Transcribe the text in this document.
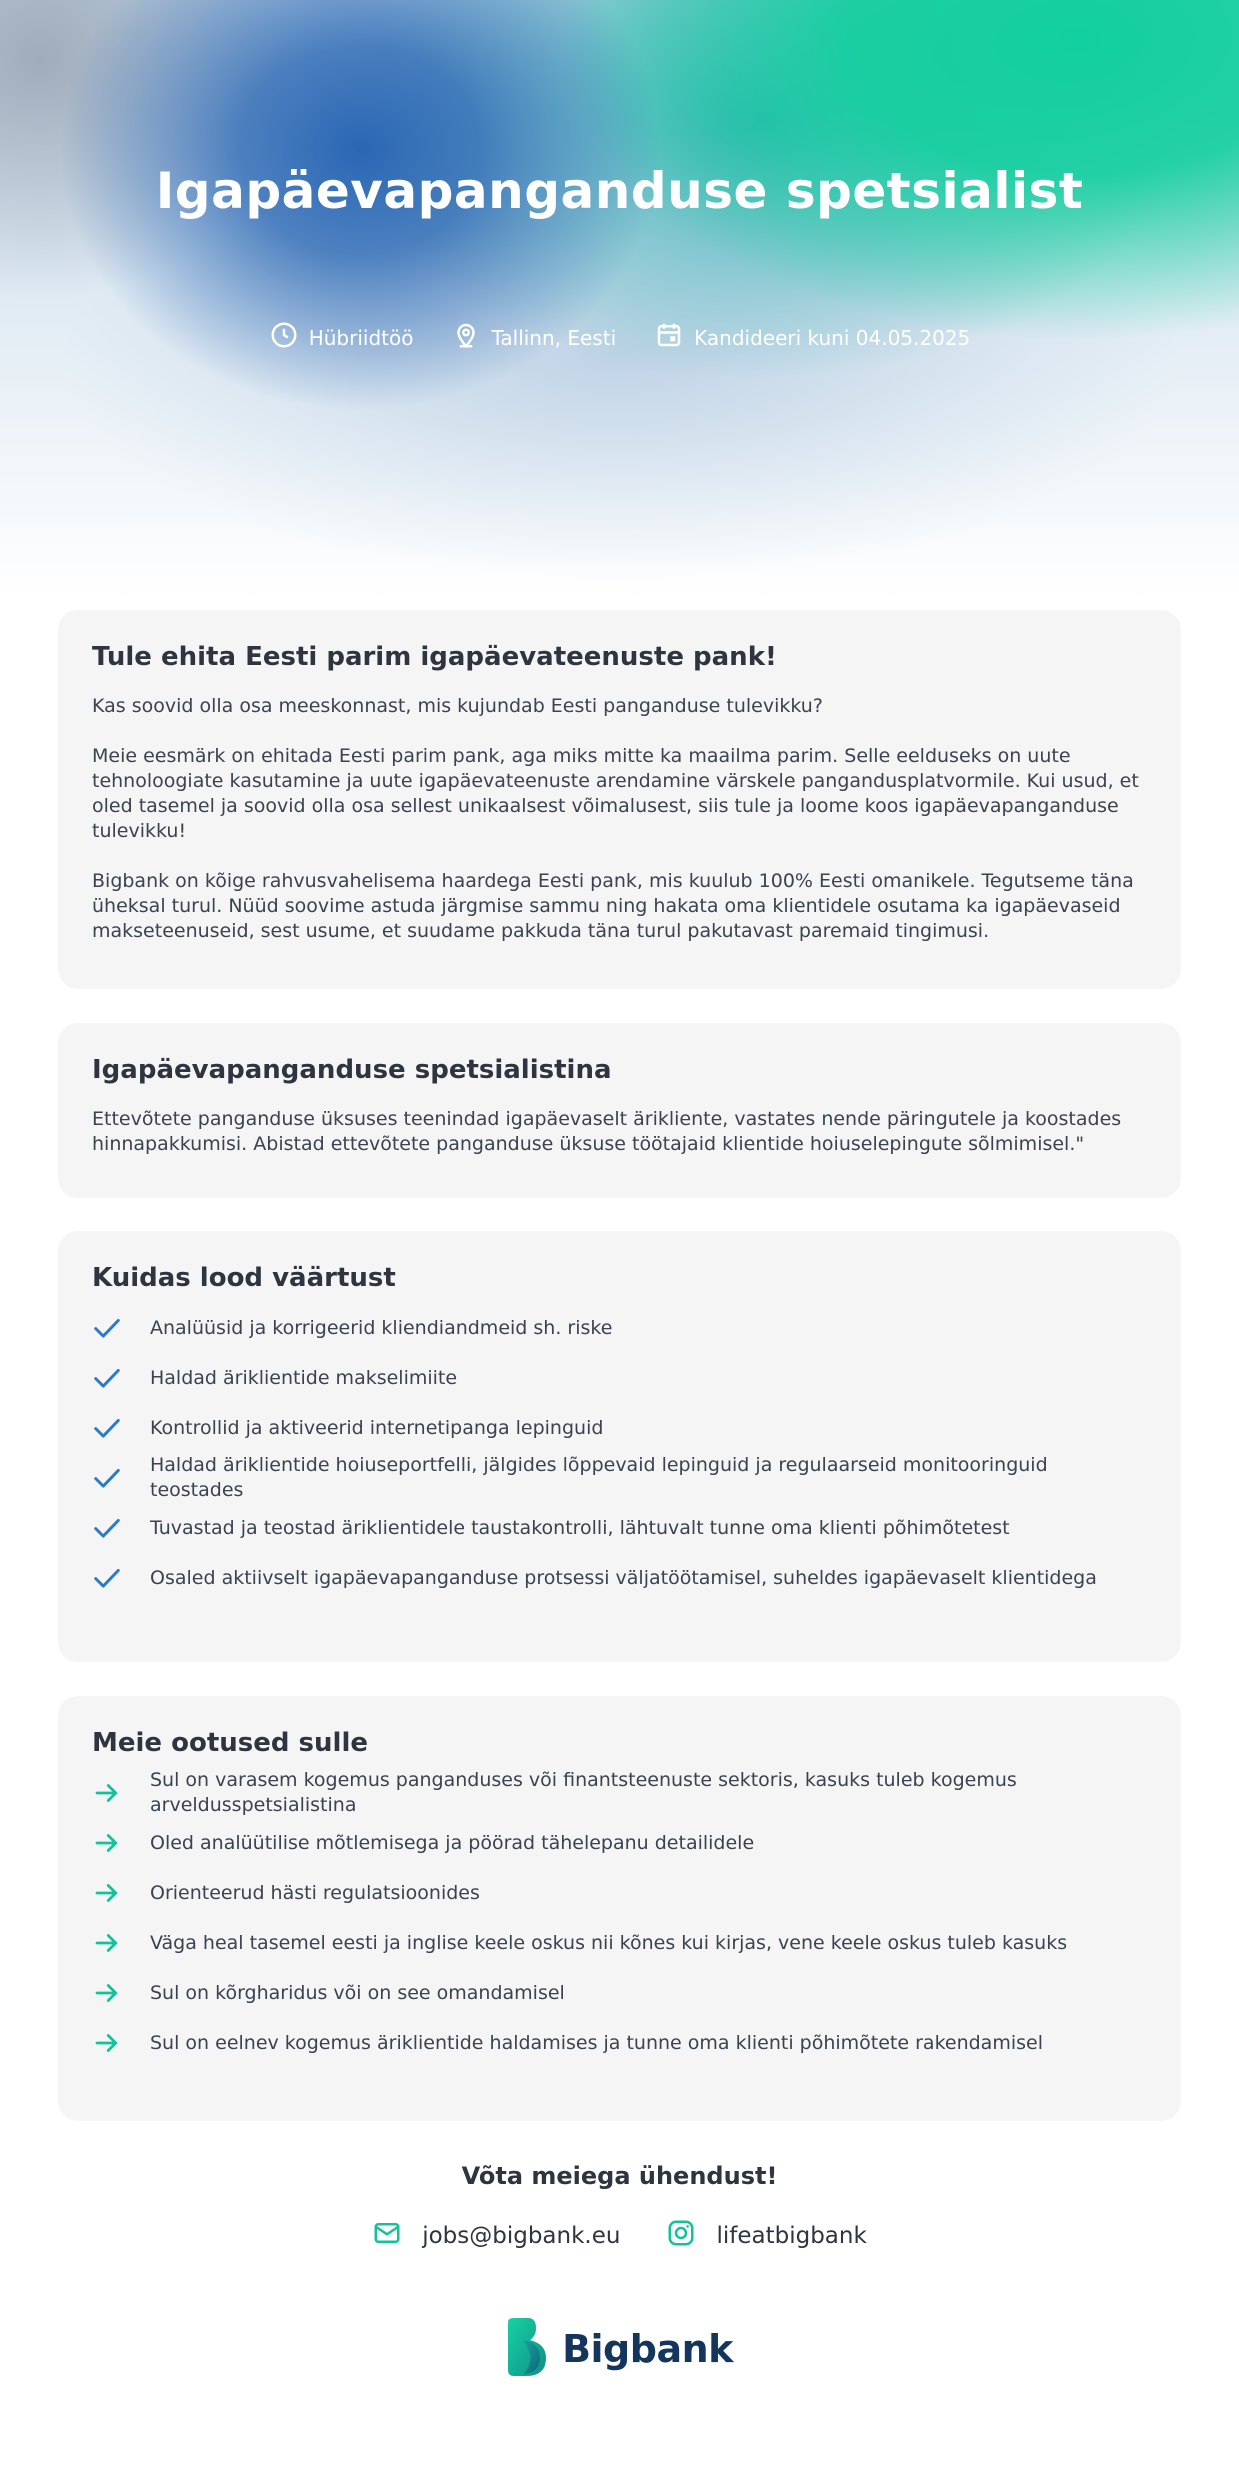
Igapäevapanganduse spetsialist
Hübriidtöö	Tallinn, Eesti	Kandideeri kuni 04.05.2025
Tule ehita Eesti parim igapäevateenuste pank!

Kas soovid olla osa meeskonnast, mis kujundab Eesti panganduse tulevikku?

Meie eesmärk on ehitada Eesti parim pank, aga miks mitte ka maailma parim. Selle eelduseks on uute tehnoloogiate kasutamine ja uute igapäevateenuste arendamine värskele pangandusplatvormile. Kui usud, et oled tasemel ja soovid olla osa sellest unikaalsest võimalusest, siis tule ja loome koos igapäevapanganduse tulevikku!

Bigbank on kõige rahvusvahelisema haardega Eesti pank, mis kuulub 100% Eesti omanikele. Tegutseme täna üheksal turul. Nüüd soovime astuda järgmise sammu ning hakata oma klientidele osutama ka igapäevaseid makseteenuseid, sest usume, et suudame pakkuda täna turul pakutavast paremaid tingimusi.

Igapäevapanganduse spetsialistina

Ettevõtete panganduse üksuses teenindad igapäevaselt ärikliente, vastates nende päringutele ja koostades hinnapakkumisi. Abistad ettevõtete panganduse üksuse töötajaid klientide hoiuselepingute sõlmimisel."

Kuidas lood väärtust
Analüüsid ja korrigeerid kliendiandmeid sh. riske
Haldad äriklientide makselimiite
Kontrollid ja aktiveerid internetipanga lepinguid
Haldad äriklientide hoiuseportfelli, jälgides lõppevaid lepinguid ja regulaarseid monitooringuid teostades
Tuvastad ja teostad äriklientidele taustakontrolli, lähtuvalt tunne oma klienti põhimõtetest
Osaled aktiivselt igapäevapanganduse protsessi väljatöötamisel, suheldes igapäevaselt klientidega
Meie ootused sulle
Sul on varasem kogemus panganduses või finantsteenuste sektoris, kasuks tuleb kogemus arveldusspetsialistina
Oled analüütilise mõtlemisega ja pöörad tähelepanu detailidele
Orienteerud hästi regulatsioonides
Väga heal tasemel eesti ja inglise keele oskus nii kõnes kui kirjas, vene keele oskus tuleb kasuks
Sul on kõrgharidus või on see omandamisel
Sul on eelnev kogemus äriklientide haldamises ja tunne oma klienti põhimõtete rakendamisel
Võta meiega ühendust!
jobs@bigbank.eu	lifeatbigbank
Bigbank
